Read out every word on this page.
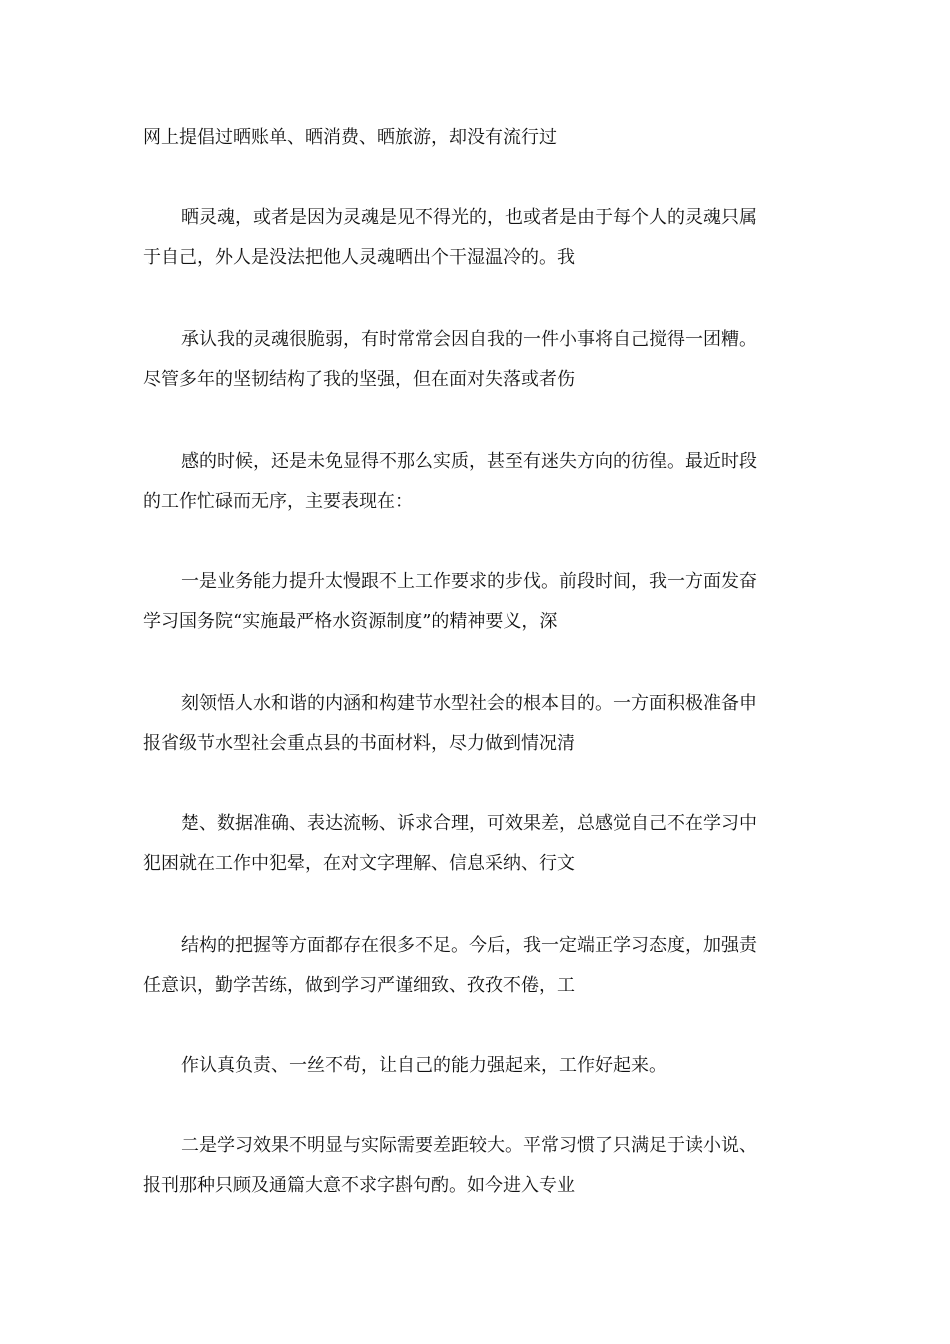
网上提倡过晒账单、晒消费、晒旅游，却没有流行过
晒灵魂，或者是因为灵魂是见不得光的，也或者是由于每个人的灵魂只属
于自己，外人是没法把他人灵魂晒出个干湿温冷的。我
承认我的灵魂很脆弱，有时常常会因自我的一件小事将自己搅得一团糟。
尽管多年的坚韧结构了我的坚强，但在面对失落或者伤
感的时候，还是未免显得不那么实质，甚至有迷失方向的彷徨。最近时段
的工作忙碌而无序，主要表现在：
一是业务能力提升太慢跟不上工作要求的步伐。前段时间，我一方面发奋
学习国务院“实施最严格水资源制度”的精神要义，深
刻领悟人水和谐的内涵和构建节水型社会的根本目的。一方面积极准备申
报省级节水型社会重点县的书面材料，尽力做到情况清
楚、数据准确、表达流畅、诉求合理，可效果差，总感觉自己不在学习中
犯困就在工作中犯晕，在对文字理解、信息采纳、行文
结构的把握等方面都存在很多不足。今后，我一定端正学习态度，加强责
任意识，勤学苦练，做到学习严谨细致、孜孜不倦，工
作认真负责、一丝不苟，让自己的能力强起来，工作好起来。
二是学习效果不明显与实际需要差距较大。平常习惯了只满足于读小说、
报刊那种只顾及通篇大意不求字斟句酌。如今进入专业
